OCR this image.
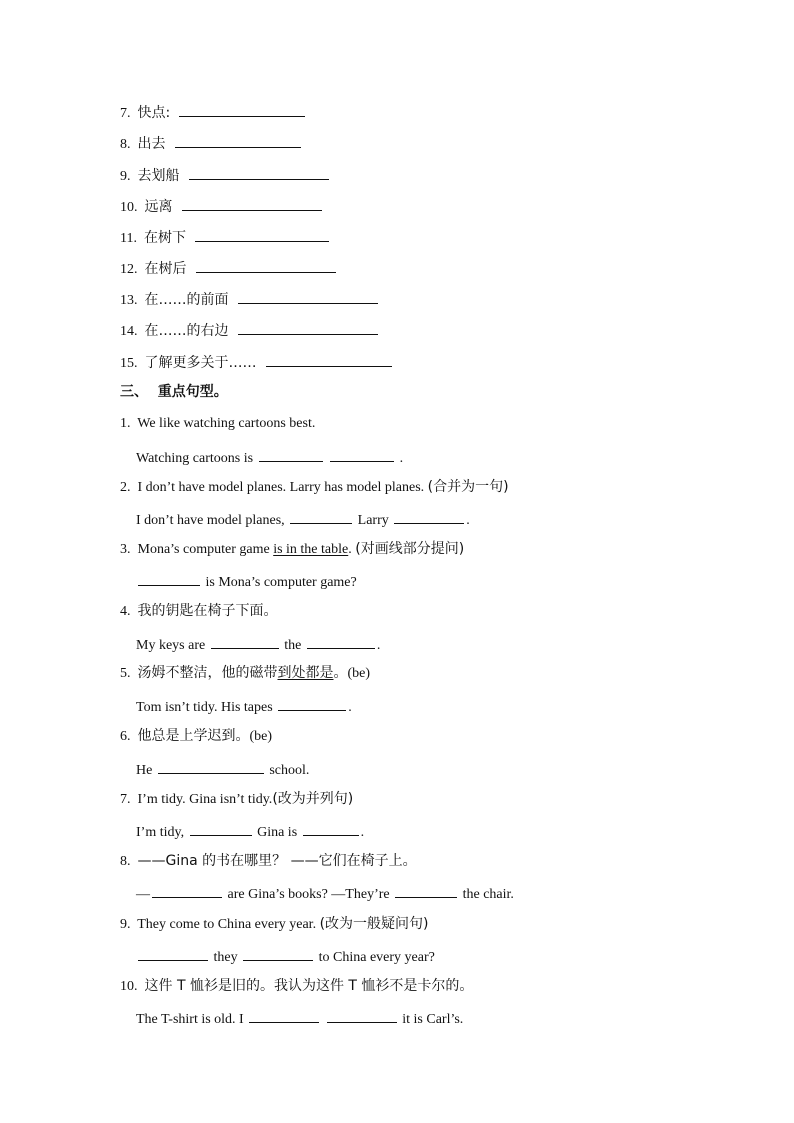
7. 快点:
8. 出去
9. 去划船
10. 远离
11. 在树下
12. 在树后
13. 在……的前面
14. 在……的右边
15. 了解更多关于……
三、 重点句型。
1. We like watching cartoons best.
Watching cartoons is	.
2. I don’t have model planes. Larry has model planes. (合并为一句)
I don’t have model planes,	Larry	.
3. Mona’s computer game is in the table. (对画线部分提问)
is Mona’s computer game?
4. 我的钥匙在椅子下面。
My keys are	the	.
5. 汤姆不整洁，他的磁带到处都是。(be)
Tom isn’t tidy. His tapes	.
6. 他总是上学迟到。(be)
He	school.
7. I’m tidy. Gina isn’t tidy.(改为并列句)
I’m tidy,	Gina is	.
8. ——Gina 的书在哪里？ ——它们在椅子上。
—	are Gina’s books? —They’re	the chair.
9. They come to China every year. (改为一般疑问句)
they	to China every year?
10. 这件 T 恤衫是旧的。我认为这件 T 恤衫不是卡尔的。
The T-shirt is old. I	it is Carl’s.
